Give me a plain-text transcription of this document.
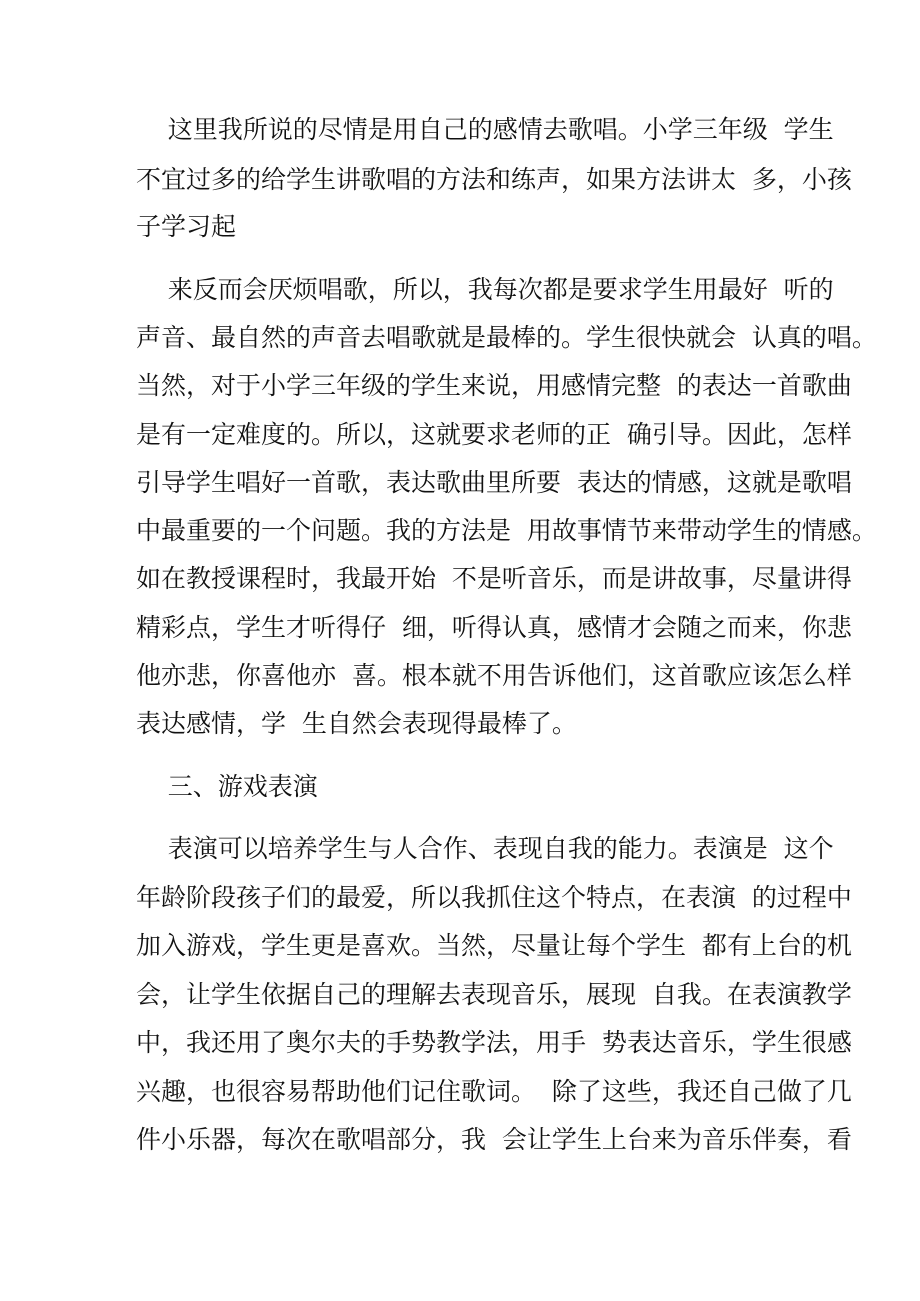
这里我所说的尽情是用自己的感情去歌唱。小学三年级  学生

不宜过多的给学生讲歌唱的方法和练声，如果方法讲太  多，小孩

子学习起

来反而会厌烦唱歌，所以，我每次都是要求学生用最好  听的

声音、最自然的声音去唱歌就是最棒的。学生很快就会  认真的唱。

当然，对于小学三年级的学生来说，用感情完整  的表达一首歌曲

是有一定难度的。所以，这就要求老师的正  确引导。因此，怎样

引导学生唱好一首歌，表达歌曲里所要  表达的情感，这就是歌唱

中最重要的一个问题。我的方法是  用故事情节来带动学生的情感。

如在教授课程时，我最开始  不是听音乐，而是讲故事，尽量讲得

精彩点，学生才听得仔  细，听得认真，感情才会随之而来，你悲

他亦悲，你喜他亦  喜。根本就不用告诉他们，这首歌应该怎么样

表达感情，学  生自然会表现得最棒了。

三、游戏表演

表演可以培养学生与人合作、表现自我的能力。表演是  这个

年龄阶段孩子们的最爱，所以我抓住这个特点，在表演  的过程中

加入游戏，学生更是喜欢。当然，尽量让每个学生  都有上台的机

会，让学生依据自己的理解去表现音乐，展现  自我。在表演教学

中，我还用了奥尔夫的手势教学法，用手  势表达音乐，学生很感

兴趣，也很容易帮助他们记住歌词。  除了这些，我还自己做了几

件小乐器，每次在歌唱部分，我  会让学生上台来为音乐伴奏，看
